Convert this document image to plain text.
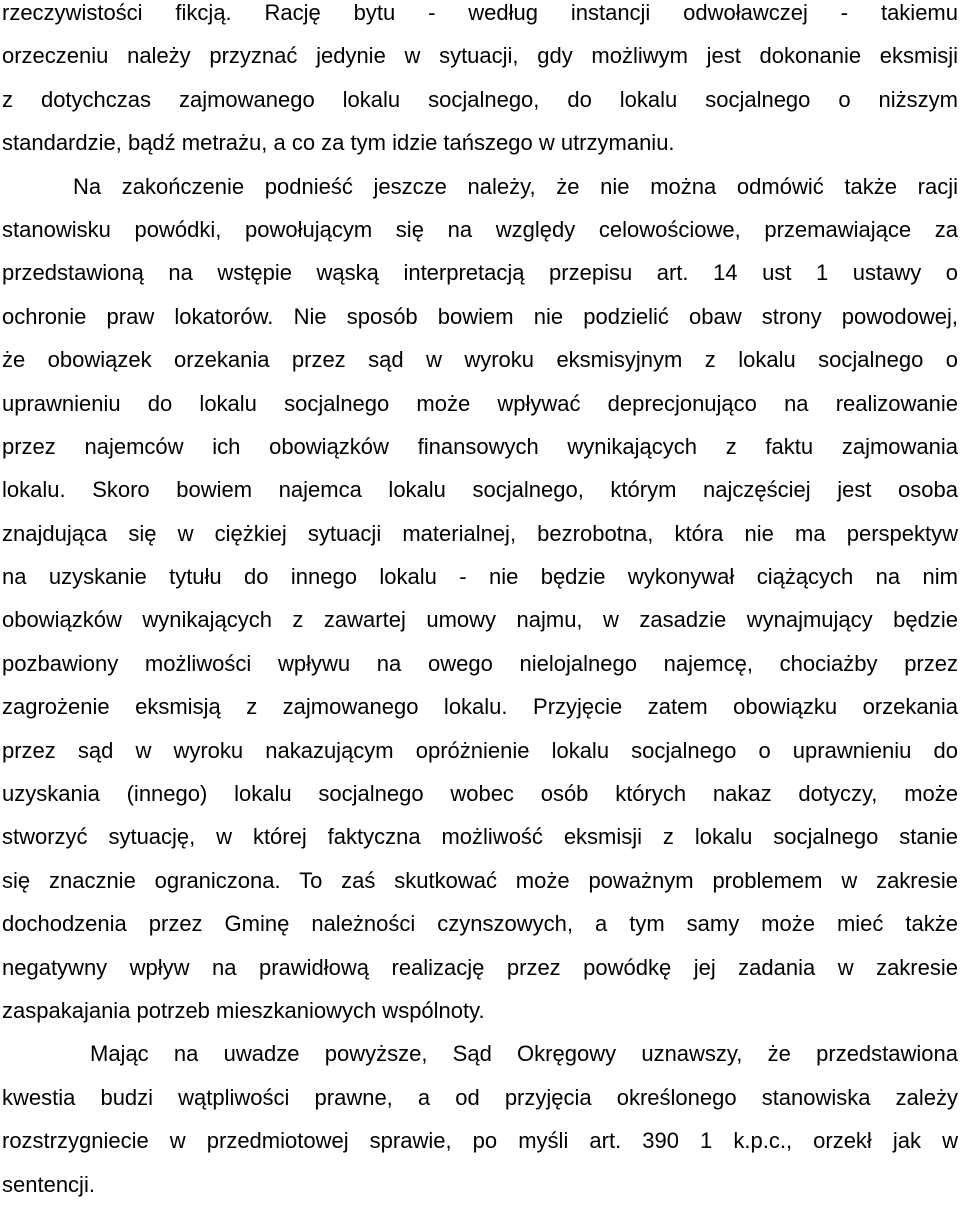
rzeczywistości fikcją. Rację bytu - według instancji odwoławczej - takiemu
orzeczeniu należy przyznać jedynie w sytuacji, gdy możliwym jest dokonanie eksmisji
z dotychczas zajmowanego lokalu socjalnego, do lokalu socjalnego o niższym
standardzie, bądź metrażu, a co za tym idzie tańszego w utrzymaniu.
Na zakończenie podnieść jeszcze należy, że nie można odmówić także racji
stanowisku powódki, powołującym się na względy celowościowe, przemawiające za
przedstawioną na wstępie wąską interpretacją przepisu art. 14 ust 1 ustawy o
ochronie praw lokatorów. Nie sposób bowiem nie podzielić obaw strony powodowej,
że obowiązek orzekania przez sąd w wyroku eksmisyjnym z lokalu socjalnego o
uprawnieniu do lokalu socjalnego może wpływać deprecjonująco na realizowanie
przez najemców ich obowiązków finansowych wynikających z faktu zajmowania
lokalu. Skoro bowiem najemca lokalu socjalnego, którym najczęściej jest osoba
znajdująca się w ciężkiej sytuacji materialnej, bezrobotna, która nie ma perspektyw
na uzyskanie tytułu do innego lokalu - nie będzie wykonywał ciążących na nim
obowiązków wynikających z zawartej umowy najmu, w zasadzie wynajmujący będzie
pozbawiony możliwości wpływu na owego nielojalnego najemcę, chociażby przez
zagrożenie eksmisją z zajmowanego lokalu. Przyjęcie zatem obowiązku orzekania
przez sąd w wyroku nakazującym opróżnienie lokalu socjalnego o uprawnieniu do
uzyskania (innego) lokalu socjalnego wobec osób których nakaz dotyczy, może
stworzyć sytuację, w której faktyczna możliwość eksmisji z lokalu socjalnego stanie
się znacznie ograniczona. To zaś skutkować może poważnym problemem w zakresie
dochodzenia przez Gminę należności czynszowych, a tym samy może mieć także
negatywny wpływ na prawidłową realizację przez powódkę jej zadania w zakresie
zaspakajania potrzeb mieszkaniowych wspólnoty.
Mając na uwadze powyższe, Sąd Okręgowy uznawszy, że przedstawiona
kwestia budzi wątpliwości prawne, a od przyjęcia określonego stanowiska zależy
rozstrzygniecie w przedmiotowej sprawie, po myśli art. 390 1 k.p.c., orzekł jak w
sentencji.
